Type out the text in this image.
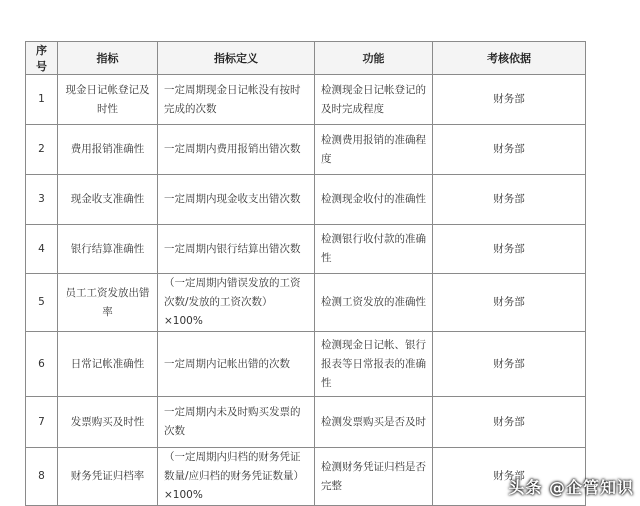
序号	指标	指标定义	功能	考核依据
1	现金日记帐登记及时性	一定周期现金日记帐没有按时完成的次数	检测现金日记帐登记的及时完成程度	财务部
2	费用报销准确性	一定周期内费用报销出错次数	检测费用报销的准确程度	财务部
3	现金收支准确性	一定周期内现金收支出错次数	检测现金收付的准确性	财务部
4	银行结算准确性	一定周期内银行结算出错次数	检测银行收付款的准确性	财务部
5	员工工资发放出错率	（一定周期内错误发放的工资次数/发放的工资次数）×100%	检测工资发放的准确性	财务部
6	日常记帐准确性	一定周期内记帐出错的次数	检测现金日记帐、银行报表等日常报表的准确性	财务部
7	发票购买及时性	一定周期内未及时购买发票的次数	检测发票购买是否及时	财务部
8	财务凭证归档率	（一定周期内归档的财务凭证数量/应归档的财务凭证数量）×100%	检测财务凭证归档是否完整	财务部
头条 @企管知识
